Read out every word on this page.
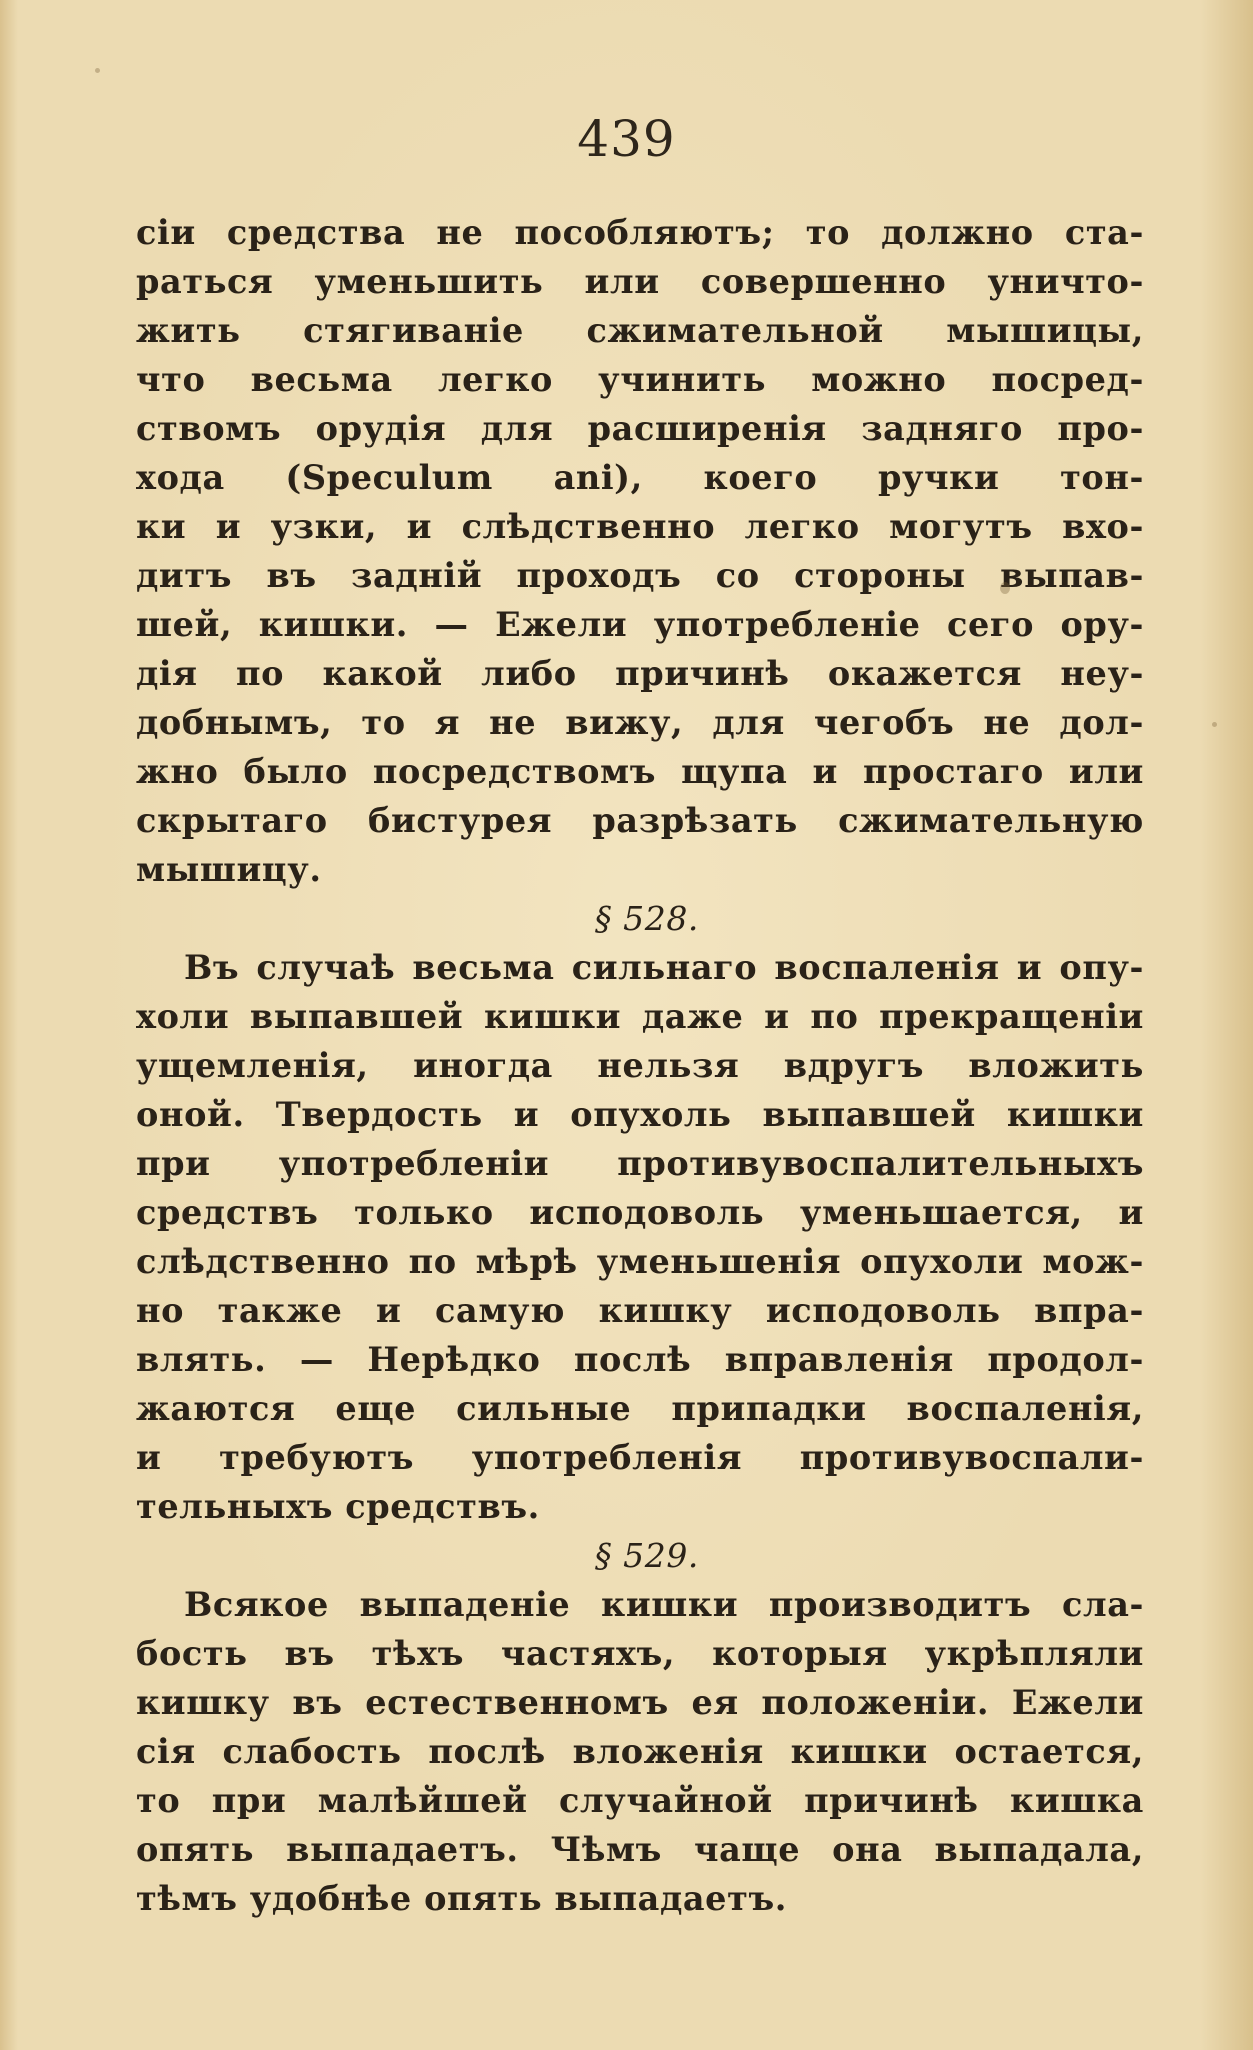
439
сіи средства не пособляютъ; то должно ста-
раться уменьшить или совершенно уничто-
жить стягиваніе сжимательной мышицы,
что весьма легко учинить можно посред-
ствомъ орудія для расширенія задняго про-
хода (Speculum ani), коего ручки тон-
ки и узки, и слѣдственно легко могутъ вхо-
дитъ въ задній проходъ со стороны выпав-
шей, кишки. — Ежели употребленіе сего ору-
дія по какой либо причинѣ окажется неу-
добнымъ, то я не вижу, для чегобъ не дол-
жно было посредствомъ щупа и простаго или
скрытаго бистурея разрѣзать сжимательную
мышицу.
§ 528.
Въ случаѣ весьма сильнаго воспаленія и опу-
холи выпавшей кишки даже и по прекращеніи
ущемленія, иногда нельзя вдругъ вложить
оной. Твердость и опухоль выпавшей кишки
при употребленіи противувоспалительныхъ
средствъ только исподоволь уменьшается, и
слѣдственно по мѣрѣ уменьшенія опухоли мож-
но также и самую кишку исподоволь впра-
влять. — Нерѣдко послѣ вправленія продол-
жаются еще сильные припадки воспаленія,
и требуютъ употребленія противувоспали-
тельныхъ средствъ.
§ 529.
Всякое выпаденіе кишки производитъ сла-
бость въ тѣхъ частяхъ, которыя укрѣпляли
кишку въ естественномъ ея положеніи. Ежели
сія слабость послѣ вложенія кишки остается,
то при малѣйшей случайной причинѣ кишка
опять выпадаетъ. Чѣмъ чаще она выпадала,
тѣмъ удобнѣе опять выпадаетъ.
